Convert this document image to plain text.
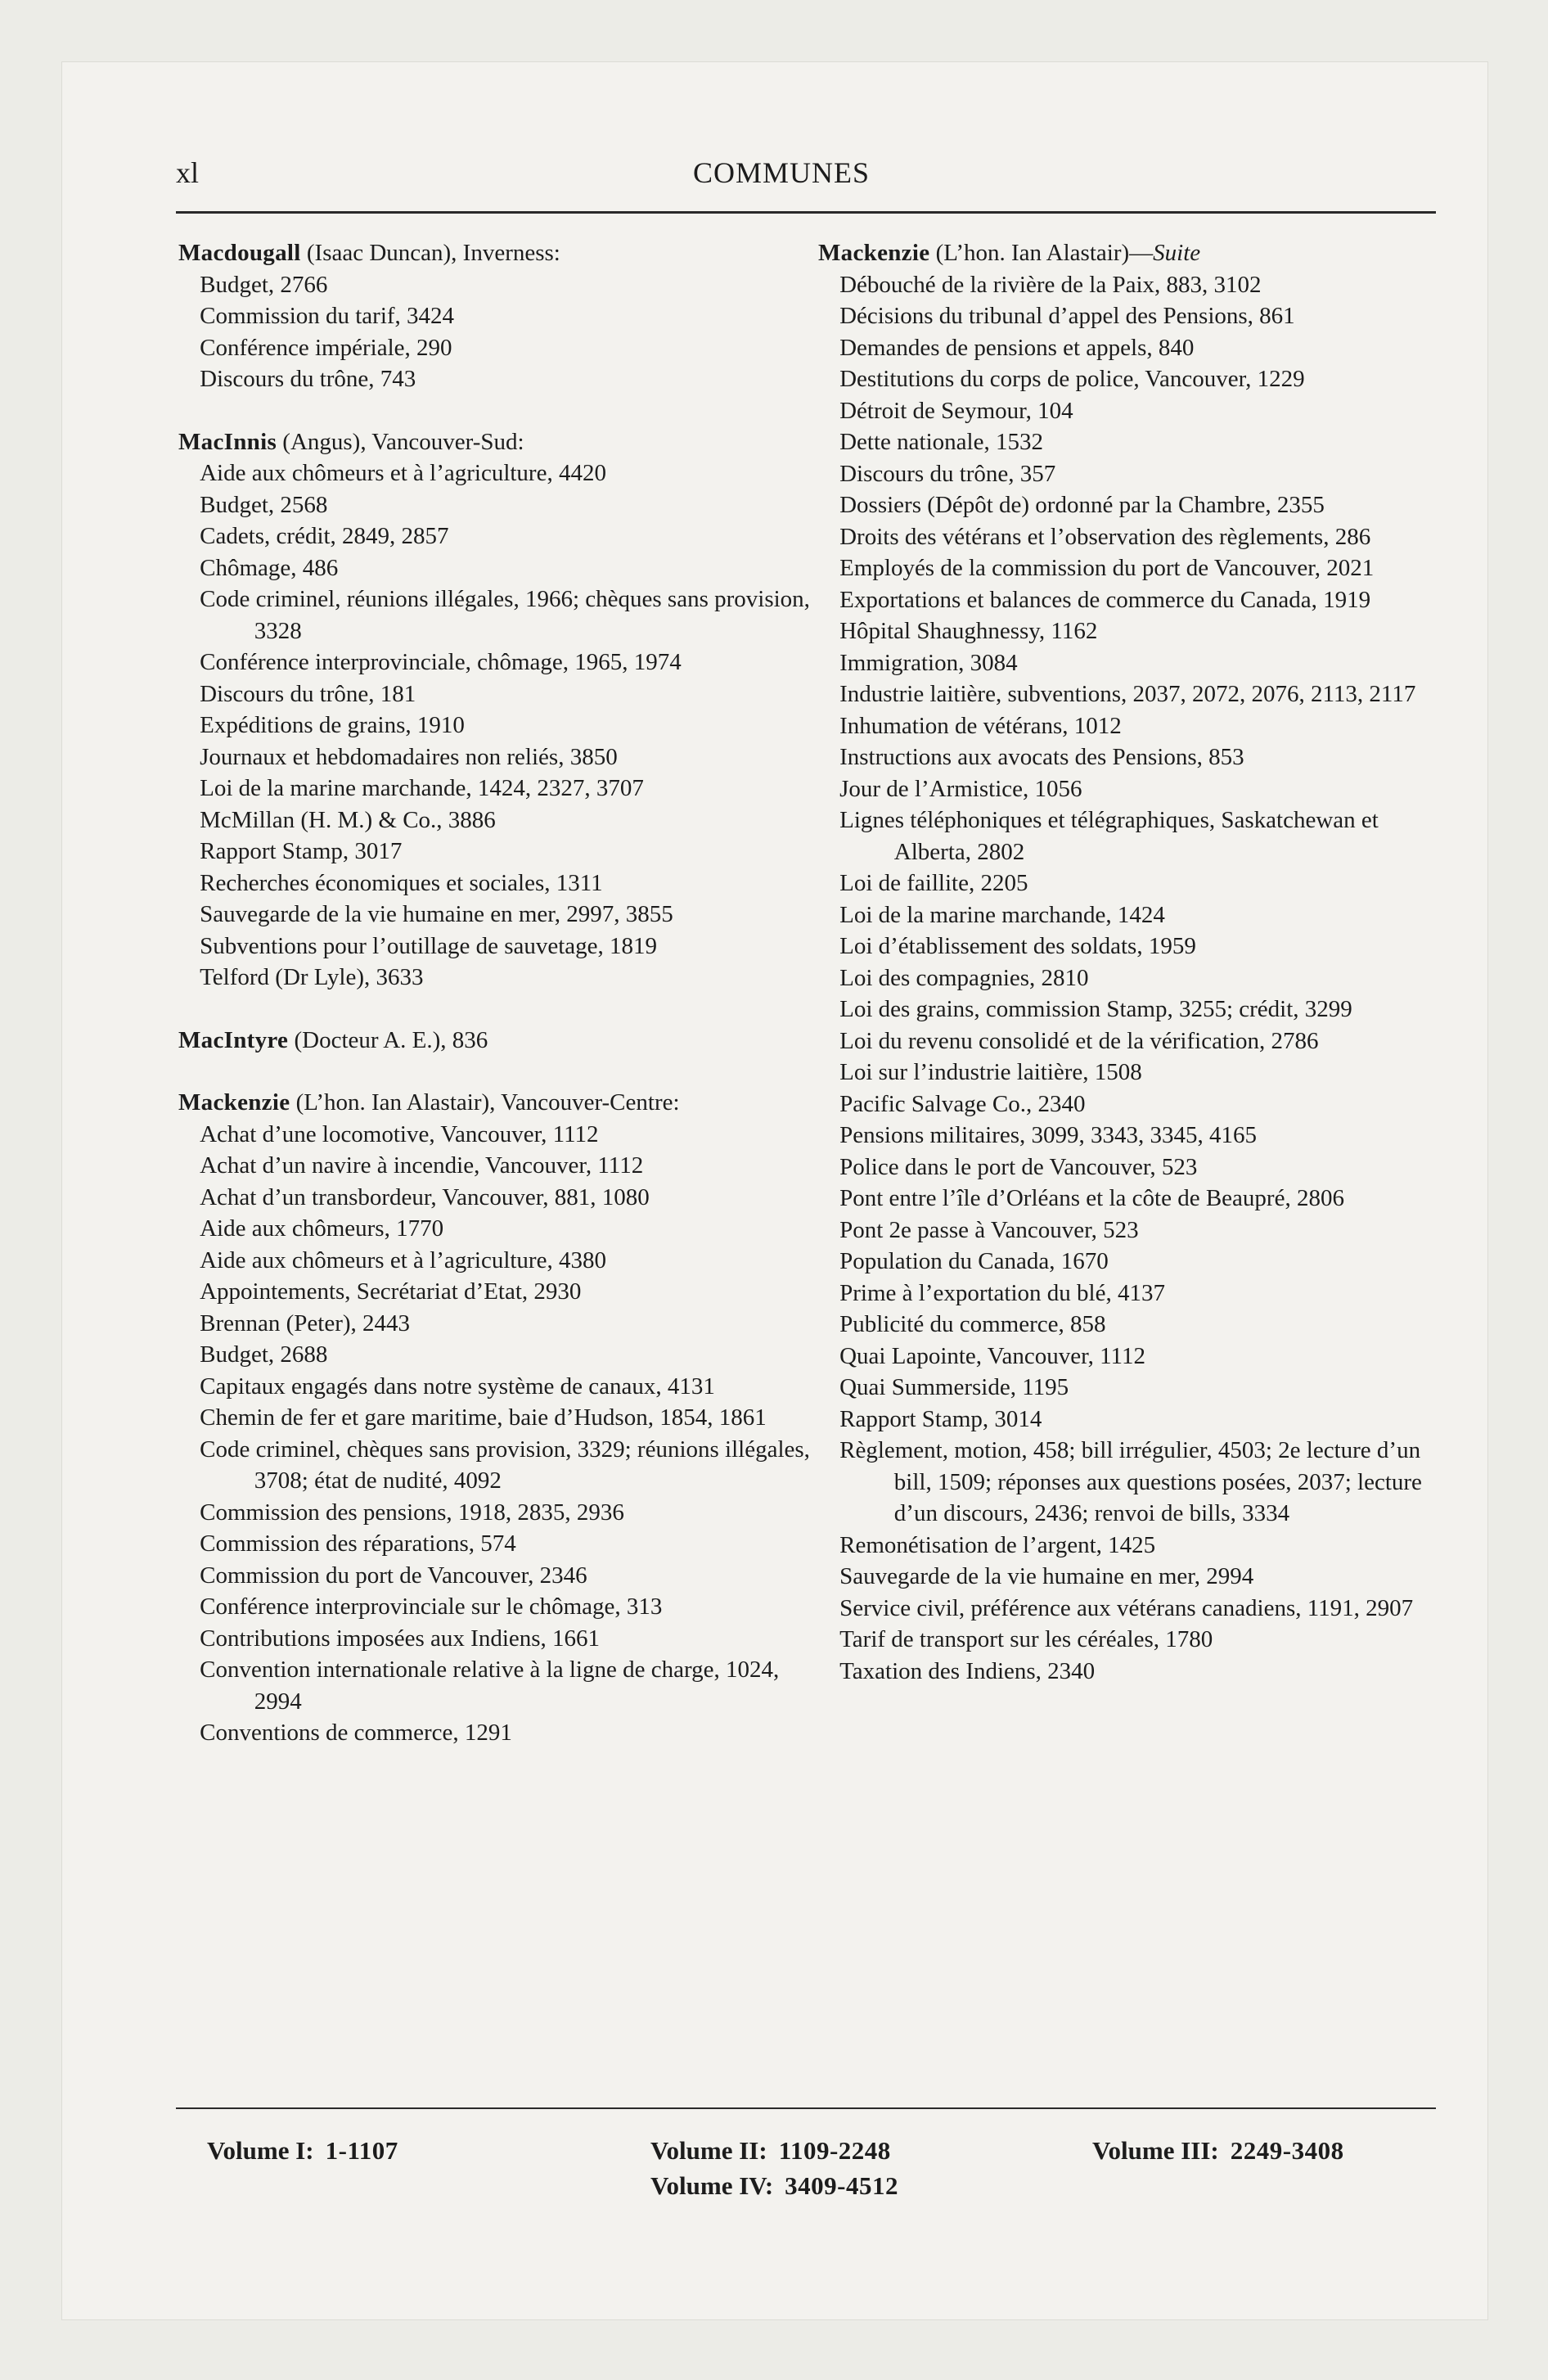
xl	COMMUNES
Macdougall (Isaac Duncan), Inverness:
Budget, 2766
Commission du tarif, 3424
Conférence impériale, 290
Discours du trône, 743
MacInnis (Angus), Vancouver-Sud:
Aide aux chômeurs et à l’agriculture, 4420
Budget, 2568
Cadets, crédit, 2849, 2857
Chômage, 486
Code criminel, réunions illégales, 1966; chèques sans provision, 3328
Conférence interprovinciale, chômage, 1965, 1974
Discours du trône, 181
Expéditions de grains, 1910
Journaux et hebdomadaires non reliés, 3850
Loi de la marine marchande, 1424, 2327, 3707
McMillan (H. M.) & Co., 3886
Rapport Stamp, 3017
Recherches économiques et sociales, 1311
Sauvegarde de la vie humaine en mer, 2997, 3855
Subventions pour l’outillage de sauvetage, 1819
Telford (Dr Lyle), 3633
MacIntyre (Docteur A. E.), 836
Mackenzie (L’hon. Ian Alastair), Vancouver-Centre:
Achat d’une locomotive, Vancouver, 1112
Achat d’un navire à incendie, Vancouver, 1112
Achat d’un transbordeur, Vancouver, 881, 1080
Aide aux chômeurs, 1770
Aide aux chômeurs et à l’agriculture, 4380
Appointements, Secrétariat d’Etat, 2930
Brennan (Peter), 2443
Budget, 2688
Capitaux engagés dans notre système de canaux, 4131
Chemin de fer et gare maritime, baie d’Hudson, 1854, 1861
Code criminel, chèques sans provision, 3329; réunions illégales, 3708; état de nudité, 4092
Commission des pensions, 1918, 2835, 2936
Commission des réparations, 574
Commission du port de Vancouver, 2346
Conférence interprovinciale sur le chômage, 313
Contributions imposées aux Indiens, 1661
Convention internationale relative à la ligne de charge, 1024, 2994
Conventions de commerce, 1291
Mackenzie (L’hon. Ian Alastair)—Suite
Débouché de la rivière de la Paix, 883, 3102
Décisions du tribunal d’appel des Pensions, 861
Demandes de pensions et appels, 840
Destitutions du corps de police, Vancouver, 1229
Détroit de Seymour, 104
Dette nationale, 1532
Discours du trône, 357
Dossiers (Dépôt de) ordonné par la Chambre, 2355
Droits des vétérans et l’observation des règlements, 286
Employés de la commission du port de Vancouver, 2021
Exportations et balances de commerce du Canada, 1919
Hôpital Shaughnessy, 1162
Immigration, 3084
Industrie laitière, subventions, 2037, 2072, 2076, 2113, 2117
Inhumation de vétérans, 1012
Instructions aux avocats des Pensions, 853
Jour de l’Armistice, 1056
Lignes téléphoniques et télégraphiques, Saskatchewan et Alberta, 2802
Loi de faillite, 2205
Loi de la marine marchande, 1424
Loi d’établissement des soldats, 1959
Loi des compagnies, 2810
Loi des grains, commission Stamp, 3255; crédit, 3299
Loi du revenu consolidé et de la vérification, 2786
Loi sur l’industrie laitière, 1508
Pacific Salvage Co., 2340
Pensions militaires, 3099, 3343, 3345, 4165
Police dans le port de Vancouver, 523
Pont entre l’île d’Orléans et la côte de Beaupré, 2806
Pont 2e passe à Vancouver, 523
Population du Canada, 1670
Prime à l’exportation du blé, 4137
Publicité du commerce, 858
Quai Lapointe, Vancouver, 1112
Quai Summerside, 1195
Rapport Stamp, 3014
Règlement, motion, 458; bill irrégulier, 4503; 2e lecture d’un bill, 1509; réponses aux questions posées, 2037; lecture d’un discours, 2436; renvoi de bills, 3334
Remonétisation de l’argent, 1425
Sauvegarde de la vie humaine en mer, 2994
Service civil, préférence aux vétérans canadiens, 1191, 2907
Tarif de transport sur les céréales, 1780
Taxation des Indiens, 2340
Volume I: 1-1107	Volume II: 1109-2248	Volume III: 2249-3408
Volume IV: 3409-4512
